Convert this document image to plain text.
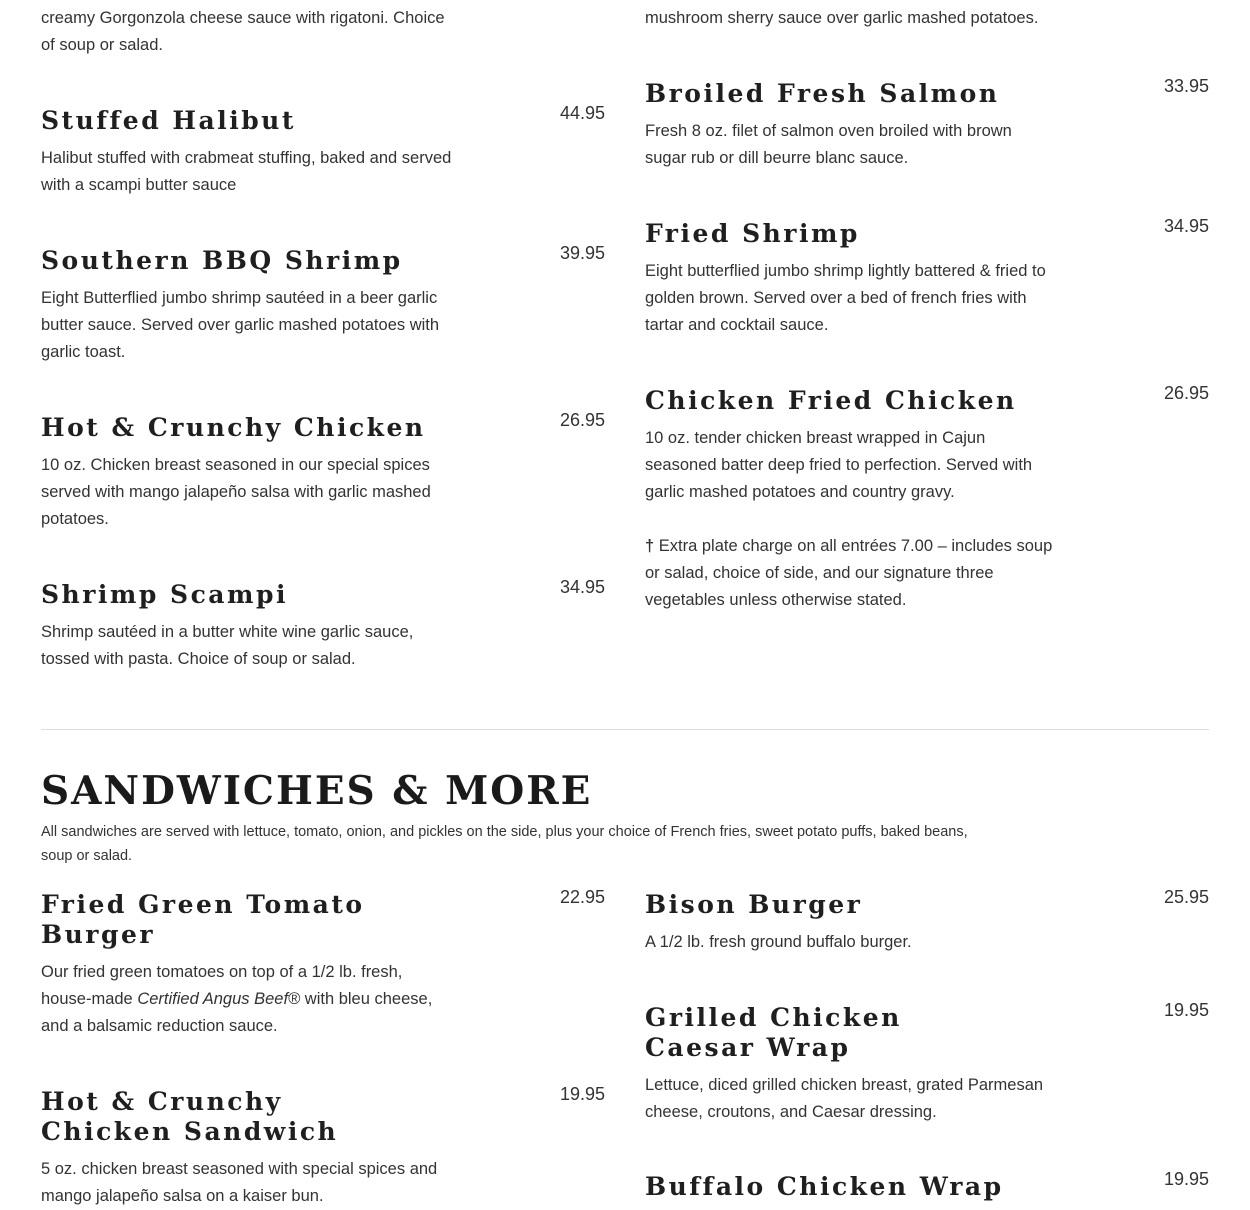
creamy Gorgonzola cheese sauce with rigatoni. Choice of soup or salad.
mushroom sherry sauce over garlic mashed potatoes.
Stuffed Halibut	44.95

Halibut stuffed with crabmeat stuffing, baked and served with a scampi butter sauce

Southern BBQ Shrimp	39.95

Eight Butterflied jumbo shrimp sautéed in a beer garlic butter sauce. Served over garlic mashed potatoes with garlic toast.

Hot & Crunchy Chicken	26.95

10 oz. Chicken breast seasoned in our special spices served with mango jalapeño salsa with garlic mashed potatoes.

Shrimp Scampi	34.95

Shrimp sautéed in a butter white wine garlic sauce, tossed with pasta. Choice of soup or salad.

Broiled Fresh Salmon	33.95

Fresh 8 oz. filet of salmon oven broiled with brown sugar rub or dill beurre blanc sauce.

Fried Shrimp	34.95

Eight butterflied jumbo shrimp lightly battered & fried to golden brown. Served over a bed of french fries with tartar and cocktail sauce.

Chicken Fried Chicken	26.95

10 oz. tender chicken breast wrapped in Cajun seasoned batter deep fried to perfection. Served with garlic mashed potatoes and country gravy.

† Extra plate charge on all entrées 7.00 – includes soup or salad, choice of side, and our signature three vegetables unless otherwise stated.
SANDWICHES & MORE
All sandwiches are served with lettuce, tomato, onion, and pickles on the side, plus your choice of French fries, sweet potato puffs, baked beans, soup or salad.
Fried Green Tomato Burger
22.95

Our fried green tomatoes on top of a 1/2 lb. fresh, house-made Certified Angus Beef® with bleu cheese, and a balsamic reduction sauce.

Hot & Crunchy Chicken Sandwich
19.95

5 oz. chicken breast seasoned with special spices and mango jalapeño salsa on a kaiser bun.

Bison Burger	25.95

A 1/2 lb. fresh ground buffalo burger.

Grilled Chicken Caesar Wrap
19.95

Lettuce, diced grilled chicken breast, grated Parmesan cheese, croutons, and Caesar dressing.

Buffalo Chicken Wrap	19.95
